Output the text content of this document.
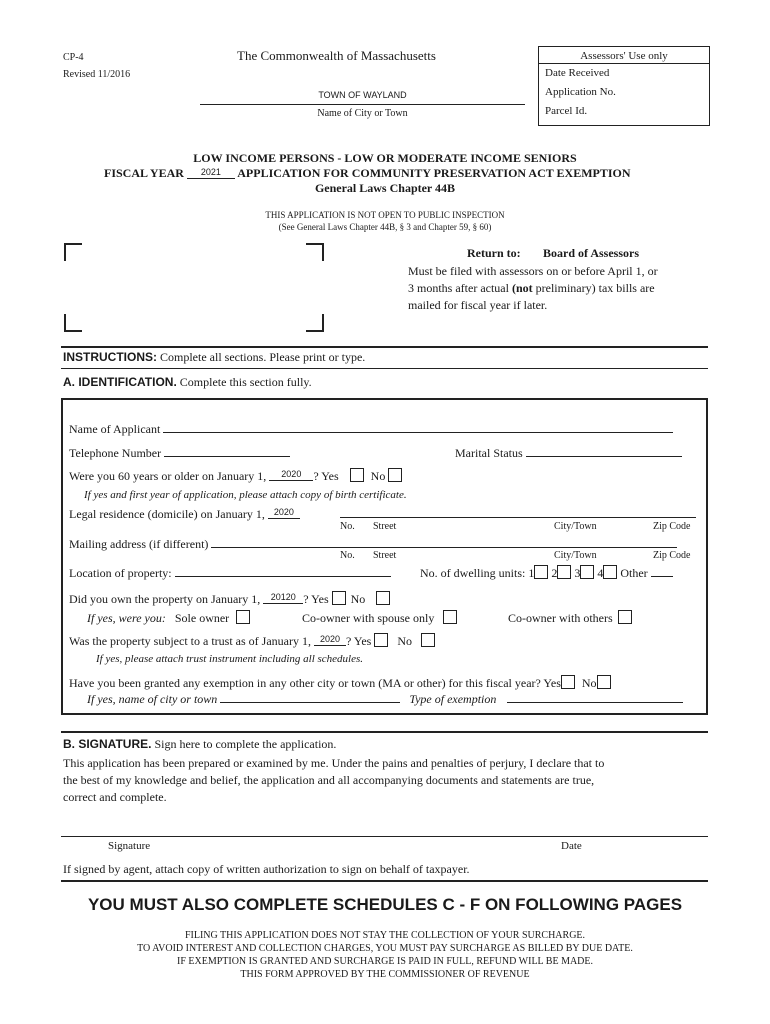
CP-4
Revised 11/2016
The Commonwealth of Massachusetts
TOWN OF WAYLAND
Name of City or Town
Assessors' Use only
Date Received
Application No.
Parcel Id.
LOW INCOME PERSONS - LOW OR MODERATE INCOME SENIORS
FISCAL YEAR $^{2021}$ APPLICATION FOR COMMUNITY PRESERVATION ACT EXEMPTION
General Laws Chapter 44B
THIS APPLICATION IS NOT OPEN TO PUBLIC INSPECTION
(See General Laws Chapter 44B, § 3 and Chapter 59, § 60)
Return to: Board of Assessors
Must be filed with assessors on or before April 1, or
3 months after actual (not preliminary) tax bills are
mailed for fiscal year if later.
INSTRUCTIONS: Complete all sections. Please print or type.
A. IDENTIFICATION. Complete this section fully.
Name of Applicant
Telephone Number	Marital Status
Were you 60 years or older on January 1, $^{2020}$ ? Yes	No
If yes and first year of application, please attach copy of birth certificate.
Legal residence (domicile) on January 1, $^{2020}$
No. Street	City/Town	Zip Code
Mailing address (if different)
No. Street	City/Town	Zip Code
Location of property:	No. of dwelling units: 1 2 3 4 Other
Did you own the property on January 1, $^{20120}$ ? Yes No
If yes, were you: Sole owner	Co-owner with spouse only	Co-owner with others
Was the property subject to a trust as of January 1, $^{2020}$ ? Yes No
If yes, please attach trust instrument including all schedules.
Have you been granted any exemption in any other city or town (MA or other) for this fiscal year? Yes No
If yes, name of city or town	Type of exemption
B. SIGNATURE. Sign here to complete the application.
This application has been prepared or examined by me. Under the pains and penalties of perjury, I declare that to
the best of my knowledge and belief, the application and all accompanying documents and statements are true,
correct and complete.
Signature	Date
If signed by agent, attach copy of written authorization to sign on behalf of taxpayer.
YOU MUST ALSO COMPLETE SCHEDULES C - F ON FOLLOWING PAGES
FILING THIS APPLICATION DOES NOT STAY THE COLLECTION OF YOUR SURCHARGE.
TO AVOID INTEREST AND COLLECTION CHARGES, YOU MUST PAY SURCHARGE AS BILLED BY DUE DATE.
IF EXEMPTION IS GRANTED AND SURCHARGE IS PAID IN FULL, REFUND WILL BE MADE.
THIS FORM APPROVED BY THE COMMISSIONER OF REVENUE
